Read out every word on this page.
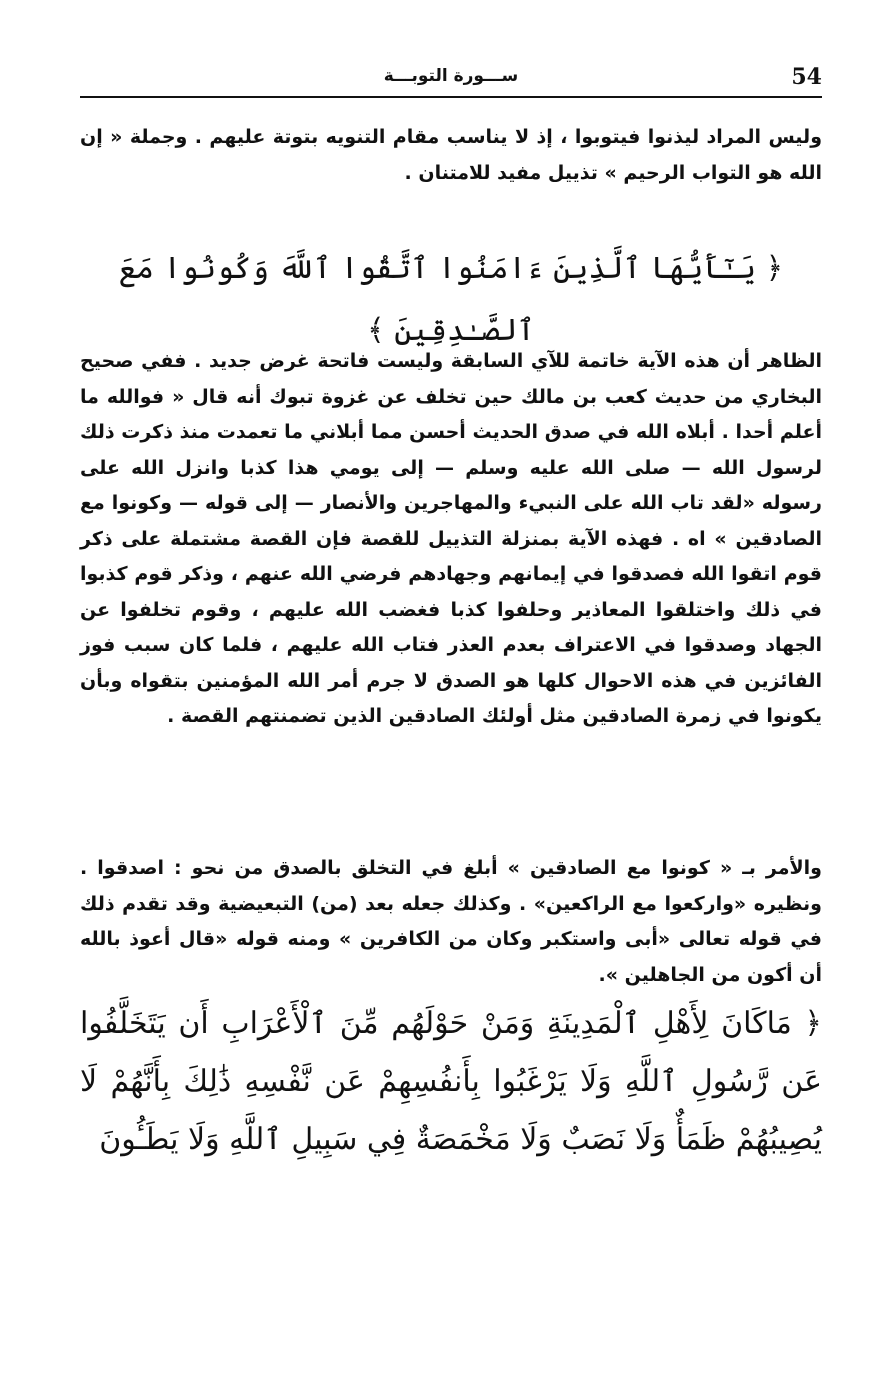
54
ســـورة التوبـــة

وليس المراد ليذنوا فيتوبوا ، إذ لا يناسب مقام التنويه بتوتة عليهم . وجملة « إن الله هو التواب الرحيم » تذييل مفيد للامتنان .

﴿ يَـٰٓأَيُّهَا ٱلَّذِينَ ءَامَنُوا ٱتَّقُوا ٱللَّهَ وَكُونُوا مَعَ ٱلصَّـٰدِقِينَ ﴾

الظاهر أن هذه الآية خاتمة للآي السابقة وليست فاتحة غرض جديد . ففي صحيح البخاري من حديث كعب بن مالك حين تخلف عن غزوة تبوك أنه قال « فوالله ما أعلم أحدا . أبلاه الله في صدق الحديث أحسن مما أبلاني ما تعمدت منذ ذكرت ذلك لرسول الله — صلى الله عليه وسلم — إلى يومي هذا كذبا وانزل الله على رسوله «لقد تاب الله على النبيء والمهاجرين والأنصار — إلى قوله — وكونوا مع الصادقين » اه . فهذه الآية بمنزلة التذييل للقصة فإن القصة مشتملة على ذكر قوم اتقوا الله فصدقوا في إيمانهم وجهادهم فرضي الله عنهم ، وذكر قوم كذبوا في ذلك واختلقوا المعاذير وحلفوا كذبا فغضب الله عليهم ، وقوم تخلفوا عن الجهاد وصدقوا في الاعتراف بعدم العذر فتاب الله عليهم ، فلما كان سبب فوز الفائزين في هذه الاحوال كلها هو الصدق لا جرم أمر الله المؤمنين بتقواه وبأن يكونوا في زمرة الصادقين مثل أولئك الصادقين الذين تضمنتهم القصة .

والأمر بـ « كونوا مع الصادقين » أبلغ في التخلق بالصدق من نحو : اصدقوا . ونظيره «واركعوا مع الراكعين» . وكذلك جعله بعد (من) التبعيضية وقد تقدم ذلك في قوله تعالى «أبى واستكبر وكان من الكافرين » ومنه قوله «قال أعوذ بالله أن أكون من الجاهلين ».

﴿ مَاكَانَ لِأَهْلِ ٱلْمَدِينَةِ وَمَنْ حَوْلَهُم مِّنَ ٱلْأَعْرَابِ أَن يَتَخَلَّفُوا عَن رَّسُولِ ٱللَّهِ وَلَا يَرْغَبُوا بِأَنفُسِهِمْ عَن نَّفْسِهِ ذَٰلِكَ بِأَنَّهُمْ لَا يُصِيبُهُمْ ظَمَأٌ وَلَا نَصَبٌ وَلَا مَخْمَصَةٌ فِي سَبِيلِ ٱللَّهِ وَلَا يَطَـُٔونَ
